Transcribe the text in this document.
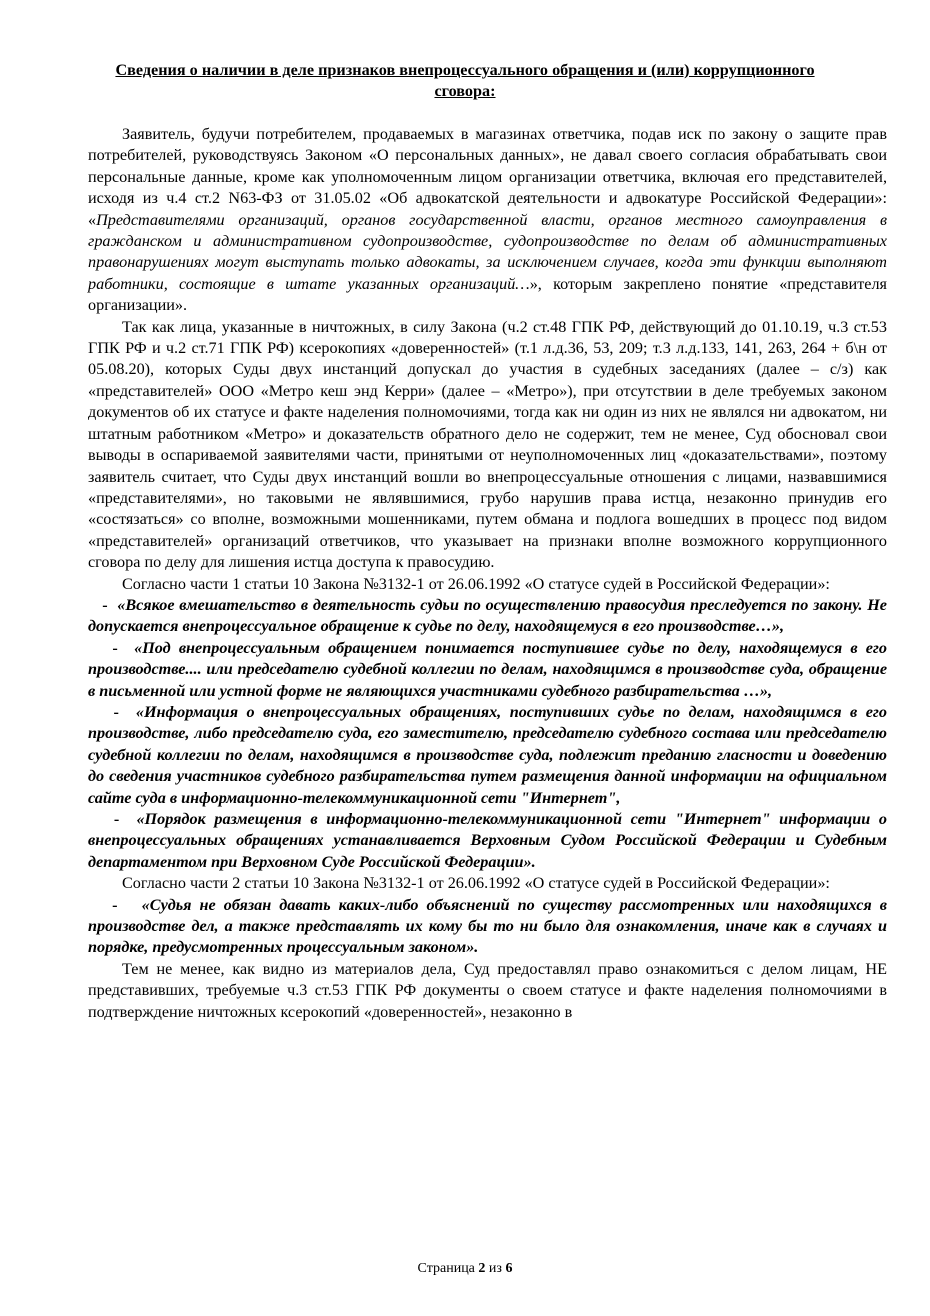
Сведения о наличии в деле признаков внепроцессуального обращения и (или) коррупционного сговора:

Заявитель, будучи потребителем, продаваемых в магазинах ответчика, подав иск по закону о защите прав потребителей, руководствуясь Законом «О персональных данных», не давал своего согласия обрабатывать свои персональные данные, кроме как уполномоченным лицом организации ответчика, включая его представителей, исходя из ч.4 ст.2 N63-ФЗ от 31.05.02 «Об адвокатской деятельности и адвокатуре Российской Федерации»: «Представителями организаций, органов государственной власти, органов местного самоуправления в гражданском и административном судопроизводстве, судопроизводстве по делам об административных правонарушениях могут выступать только адвокаты, за исключением случаев, когда эти функции выполняют работники, состоящие в штате указанных организаций…», которым закреплено понятие «представителя организации».

Так как лица, указанные в ничтожных, в силу Закона (ч.2 ст.48 ГПК РФ, действующий до 01.10.19, ч.3 ст.53 ГПК РФ и ч.2 ст.71 ГПК РФ) ксерокопиях «доверенностей» (т.1 л.д.36, 53, 209; т.3 л.д.133, 141, 263, 264 + б\н от 05.08.20), которых Суды двух инстанций допускал до участия в судебных заседаниях (далее – с/з) как «представителей» ООО «Метро кеш энд Керри» (далее – «Метро»), при отсутствии в деле требуемых законом документов об их статусе и факте наделения полномочиями, тогда как ни один из них не являлся ни адвокатом, ни штатным работником «Метро» и доказательств обратного дело не содержит, тем не менее, Суд обосновал свои выводы в оспариваемой заявителями части, принятыми от неуполномоченных лиц «доказательствами», поэтому заявитель считает, что Суды двух инстанций вошли во внепроцессуальные отношения с лицами, назвавшимися «представителями», но таковыми не являвшимися, грубо нарушив права истца, незаконно принудив его «состязаться» со вполне, возможными мошенниками, путем обмана и подлога вошедших в процесс под видом «представителей» организаций ответчиков, что указывает на признаки вполне возможного коррупционного сговора по делу для лишения истца доступа к правосудию.

Согласно части 1 статьи 10 Закона №3132-1 от 26.06.1992 «О статусе судей в Российской Федерации»:

- «Всякое вмешательство в деятельность судьи по осуществлению правосудия преследуется по закону. Не допускается внепроцессуальное обращение к судье по делу, находящемуся в его производстве…»,

- «Под внепроцессуальным обращением понимается поступившее судье по делу, находящемуся в его производстве.... или председателю судебной коллегии по делам, находящимся в производстве суда, обращение в письменной или устной форме не являющихся участниками судебного разбирательства …»,

- «Информация о внепроцессуальных обращениях, поступивших судье по делам, находящимся в его производстве, либо председателю суда, его заместителю, председателю судебного состава или председателю судебной коллегии по делам, находящимся в производстве суда, подлежит преданию гласности и доведению до сведения участников судебного разбирательства путем размещения данной информации на официальном сайте суда в информационно-телекоммуникационной сети "Интернет",

- «Порядок размещения в информационно-телекоммуникационной сети "Интернет" информации о внепроцессуальных обращениях устанавливается Верховным Судом Российской Федерации и Судебным департаментом при Верховном Суде Российской Федерации».

Согласно части 2 статьи 10 Закона №3132-1 от 26.06.1992 «О статусе судей в Российской Федерации»:

- «Судья не обязан давать каких-либо объяснений по существу рассмотренных или находящихся в производстве дел, а также представлять их кому бы то ни было для ознакомления, иначе как в случаях и порядке, предусмотренных процессуальным законом».

Тем не менее, как видно из материалов дела, Суд предоставлял право ознакомиться с делом лицам, НЕ представивших, требуемые ч.3 ст.53 ГПК РФ документы о своем статусе и факте наделения полномочиями в подтверждение ничтожных ксерокопий «доверенностей», незаконно в

Страница 2 из 6
